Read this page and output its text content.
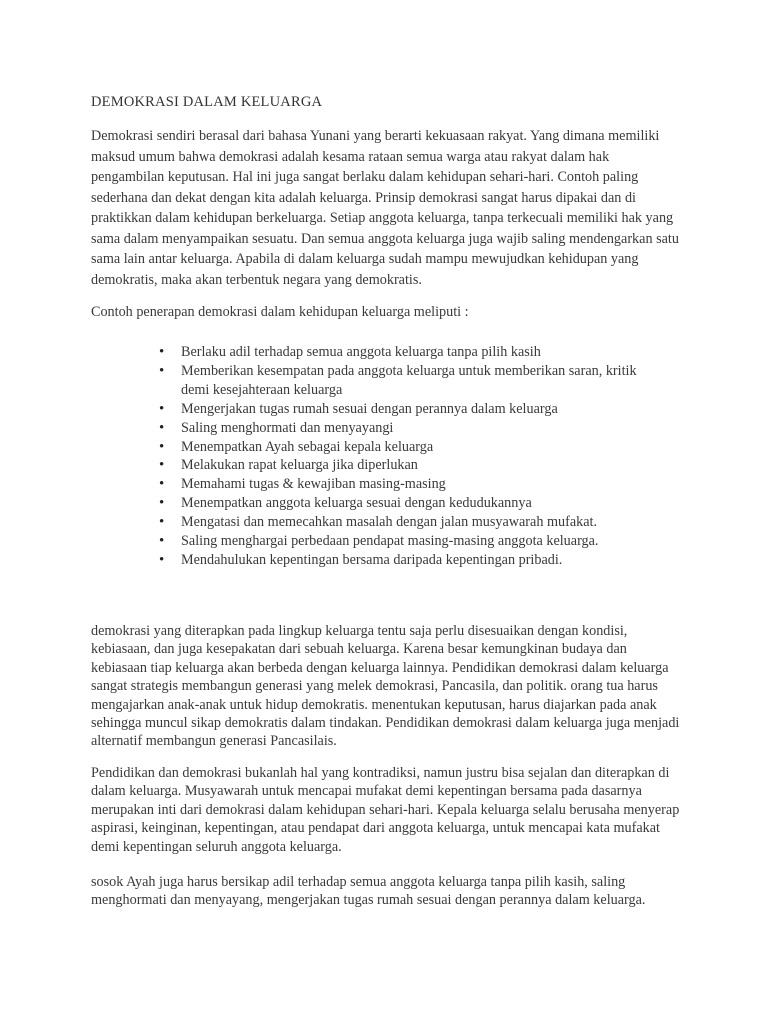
DEMOKRASI DALAM KELUARGA

Demokrasi sendiri berasal dari bahasa Yunani yang berarti kekuasaan rakyat. Yang dimana memiliki maksud umum bahwa demokrasi adalah kesama rataan semua warga atau rakyat dalam hak pengambilan keputusan. Hal ini juga sangat berlaku dalam kehidupan sehari-hari. Contoh paling sederhana dan dekat dengan kita adalah keluarga. Prinsip demokrasi sangat harus dipakai dan di praktikkan dalam kehidupan berkeluarga. Setiap anggota keluarga, tanpa terkecuali memiliki hak yang sama dalam menyampaikan sesuatu. Dan semua anggota keluarga juga wajib saling mendengarkan satu sama lain antar keluarga. Apabila di dalam keluarga sudah mampu mewujudkan kehidupan yang demokratis, maka akan terbentuk negara yang demokratis.

Contoh penerapan demokrasi dalam kehidupan keluarga meliputi :

• Berlaku adil terhadap semua anggota keluarga tanpa pilih kasih
• Memberikan kesempatan pada anggota keluarga untuk memberikan saran, kritik demi kesejahteraan keluarga
• Mengerjakan tugas rumah sesuai dengan perannya dalam keluarga
• Saling menghormati dan menyayangi
• Menempatkan Ayah sebagai kepala keluarga
• Melakukan rapat keluarga jika diperlukan
• Memahami tugas & kewajiban masing-masing
• Menempatkan anggota keluarga sesuai dengan kedudukannya
• Mengatasi dan memecahkan masalah dengan jalan musyawarah mufakat.
• Saling menghargai perbedaan pendapat masing-masing anggota keluarga.
• Mendahulukan kepentingan bersama daripada kepentingan pribadi.

demokrasi yang diterapkan pada lingkup keluarga tentu saja perlu disesuaikan dengan kondisi, kebiasaan, dan juga kesepakatan dari sebuah keluarga. Karena besar kemungkinan budaya dan kebiasaan tiap keluarga akan berbeda dengan keluarga lainnya. Pendidikan demokrasi dalam keluarga sangat strategis membangun generasi yang melek demokrasi, Pancasila, dan politik. orang tua harus mengajarkan anak-anak untuk hidup demokratis. menentukan keputusan, harus diajarkan pada anak sehingga muncul sikap demokratis dalam tindakan. Pendidikan demokrasi dalam keluarga juga menjadi alternatif membangun generasi Pancasilais.

Pendidikan dan demokrasi bukanlah hal yang kontradiksi, namun justru bisa sejalan dan diterapkan di dalam keluarga. Musyawarah untuk mencapai mufakat demi kepentingan bersama pada dasarnya merupakan inti dari demokrasi dalam kehidupan sehari-hari. Kepala keluarga selalu berusaha menyerap aspirasi, keinginan, kepentingan, atau pendapat dari anggota keluarga, untuk mencapai kata mufakat demi kepentingan seluruh anggota keluarga.

sosok Ayah juga harus bersikap adil terhadap semua anggota keluarga tanpa pilih kasih, saling menghormati dan menyayang, mengerjakan tugas rumah sesuai dengan perannya dalam keluarga.
